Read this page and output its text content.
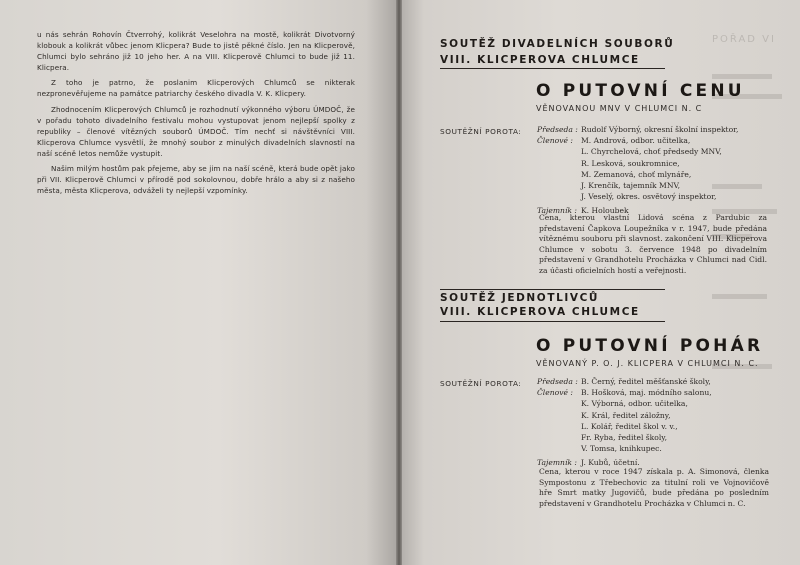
u nás sehrán Rohovín Čtverrohý, kolikrát Veselohra na mostě, kolikrát Divotvorný klobouk a kolikrát vůbec jenom Klicpera? Bude to jistě pěkné číslo. Jen na Klicperově, Chlumci bylo sehráno již 10 jeho her. A na VIII. Klicperově Chlumci to bude již 11. Klicpera.

Z toho je patrno, že poslanim Klicperových Chlumců se nikterak nezpronevěřujeme na památce patriarchy českého divadla V. K. Klicpery.

Zhodnocením Klicperových Chlumců je rozhodnutí výkonného výboru ÚMDOČ, že v pořadu tohoto divadelního festivalu mohou vystupovat jenom nejlepší spolky z republiky – členové vítězných souborů ÚMDOČ. Tím nechť si návštěvníci VIII. Klicperova Chlumce vysvětlí, že mnohý soubor z minulých divadelních slavností na naší scéně letos nemůže vystupit.

Našim milým hostům pak přejeme, aby se jim na naší scéně, která bude opět jako při VII. Klicperově Chlumci v přírodě pod sokolovnou, dobře hrálo a aby si z našeho města, města Klicperova, odváželi ty nejlepší vzpomínky.

POŘAD VI
SOUTĚŽ DIVADELNÍCH SOUBORŮ
VIII. KLICPEROVA CHLUMCE
O PUTOVNÍ CENU
VĚNOVANOU MNV V CHLUMCI N. C
SOUTĚŽNÍ POROTA: Předseda : Rudolf Výborný, okresní školní inspektor,
Členové : M. Andrová, odbor. učitelka,
L. Chyrchelová, choť předsedy MNV,
R. Lesková, soukromnice,
M. Zemanová, choť mlynáře,
J. Krenčík, tajemník MNV,
J. Veselý, okres. osvětový inspektor,
Tajemník : K. Holoubek
Cena, kterou vlastní Lidová scéna z Pardubic za představení Čapkova Loupežníka v r. 1947, bude předána vítěznému souboru při slavnost. zakončení VIII. Klicperova Chlumce v sobotu 3. července 1948 po divadelním představení v Grandhotelu Procházka v Chlumci nad Cidl. za účasti oficielních hostí a veřejnosti.
SOUTĚŽ JEDNOTLIVCŮ
VIII. KLICPEROVA CHLUMCE
O PUTOVNÍ POHÁR
VĚNOVANÝ P. O. J. KLICPERA V CHLUMCI N. C.
SOUTĚŽNÍ POROTA: Předseda : B. Černý, ředitel měšťanské školy,
Členové : B. Hošková, maj. módního salonu,
K. Výborná, odbor. učitelka,
K. Král, ředitel záložny,
L. Kolář, ředitel škol v. v.,
Fr. Ryba, ředitel školy,
V. Tomsa, knihkupec.
Tajemník : J. Kubů, účetní.
Cena, kterou v roce 1947 získala p. A. Simonová, členka Sympostonu z Třebechovic za titulní roli ve Vojnovičově hře Smrt matky Jugovičů, bude předána po posledním představení v Grandhotelu Procházka v Chlumci n. C.
